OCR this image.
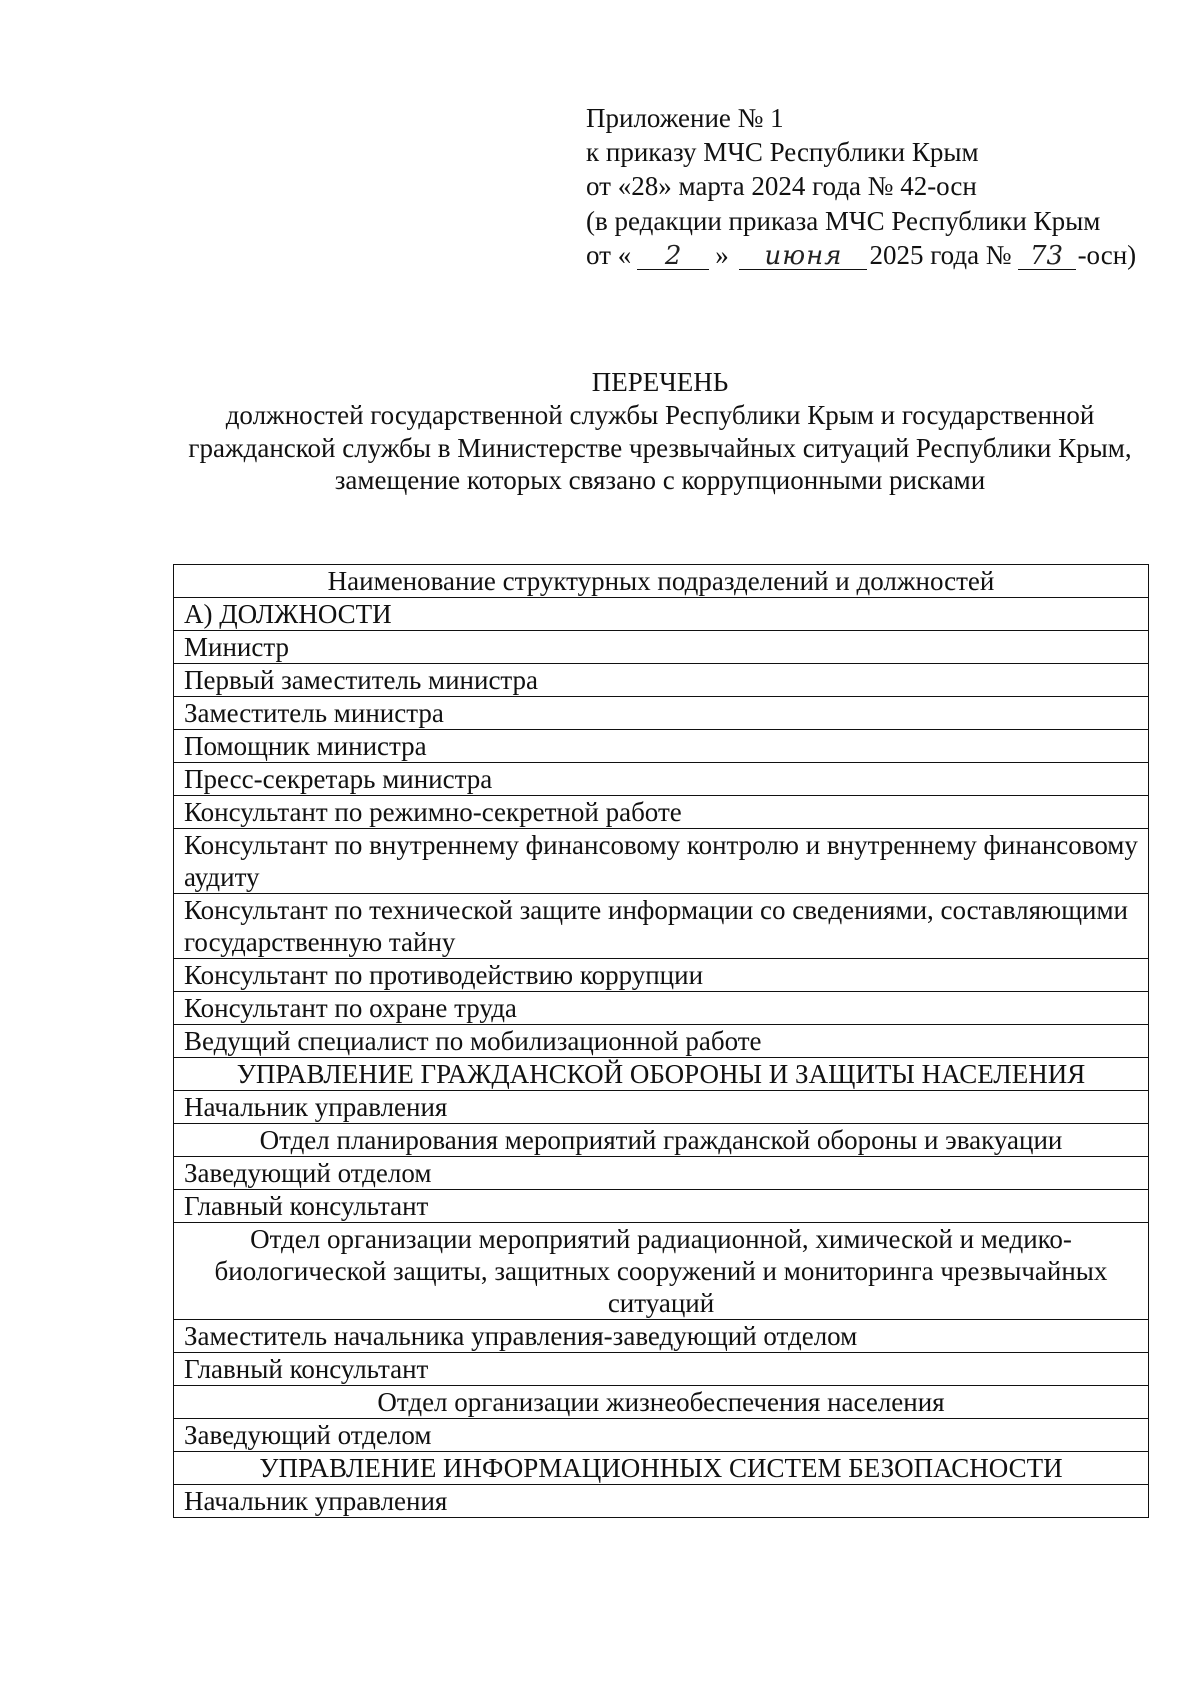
Приложение № 1
к приказу МЧС Республики Крым
от «28» марта 2024 года № 42-осн
(в редакции приказа МЧС Республики Крым
от « 2 » июня 2025 года № 73 -осн)
ПЕРЕЧЕНЬ
должностей государственной службы Республики Крым и государственной гражданской службы в Министерстве чрезвычайных ситуаций Республики Крым, замещение которых связано с коррупционными рисками
Наименование структурных подразделений и должностей
А) ДОЛЖНОСТИ
Министр
Первый заместитель министра
Заместитель министра
Помощник министра
Пресс-секретарь министра
Консультант по режимно-секретной работе
Консультант по внутреннему финансовому контролю и внутреннему финансовому аудиту
Консультант по технической защите информации со сведениями, составляющими государственную тайну
Консультант по противодействию коррупции
Консультант по охране труда
Ведущий специалист по мобилизационной работе
УПРАВЛЕНИЕ ГРАЖДАНСКОЙ ОБОРОНЫ И ЗАЩИТЫ НАСЕЛЕНИЯ
Начальник управления
Отдел планирования мероприятий гражданской обороны и эвакуации
Заведующий отделом
Главный консультант
Отдел организации мероприятий радиационной, химической и медико-биологической защиты, защитных сооружений и мониторинга чрезвычайных ситуаций
Заместитель начальника управления-заведующий отделом
Главный консультант
Отдел организации жизнеобеспечения населения
Заведующий отделом
УПРАВЛЕНИЕ ИНФОРМАЦИОННЫХ СИСТЕМ БЕЗОПАСНОСТИ
Начальник управления
